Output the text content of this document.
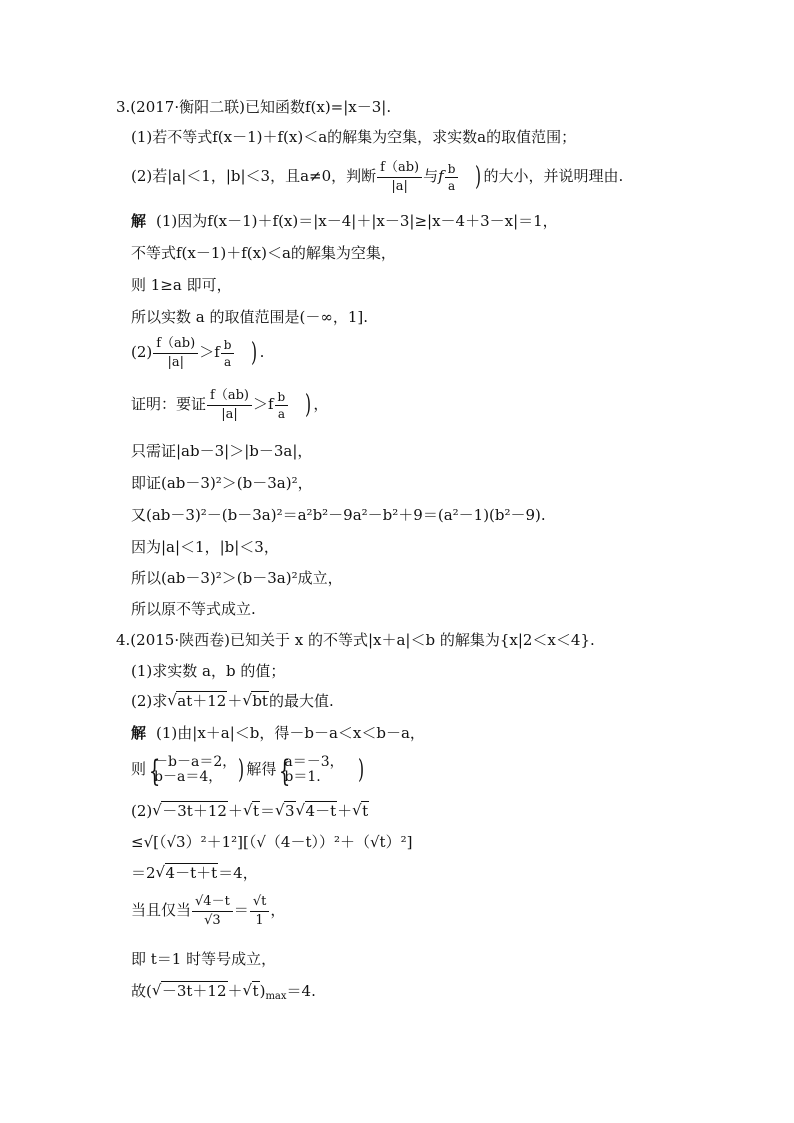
3.(2017·衡阳二联)已知函数f(x)=|x－3|.
(1)若不等式f(x－1)＋f(x)＜a的解集为空集，求实数a的取值范围；
(2)若|a|＜1，|b|＜3，且a≠0，判断 $\frac{f(ab)}{|a|}$ 与f $\frac{b}{a}$ ) 的大小，并说明理由.
解 (1)因为f(x－1)＋f(x)＝|x－4|＋|x－3|≥|x－4＋3－x|＝1，
不等式f(x－1)＋f(x)＜a的解集为空集，
则 1≥a 即可，
所以实数 a 的取值范围是(－∞，1].
$(2) \frac{f(ab)}{|a|} >f \frac{b}{a}$ ) .
证明：要证 $\frac{f(ab)}{|a|} >f \frac{b}{a}$ ) ，
只需证|ab－3|＞|b－3a|，
即证(ab－3)²＞(b－3a)²，
又(ab－3)²－(b－3a)²＝a²b²－9a²－b²＋9＝(a²－1)(b²－9).
因为|a|＜1，|b|＜3，
所以(ab－3)²＞(b－3a)²成立，
所以原不等式成立.
4.(2015·陕西卷)已知关于 x 的不等式|x＋a|＜b 的解集为{x|2＜x＜4}.
(1)求实数 a，b 的值；
(2)求 √ at＋12＋ √ bt的最大值.
解 (1)由|x＋a|＜b，得－b－a＜x＜b－a，
则 { －b－a＝2，
b－a＝4， ) 解得 { a＝－3，
b＝1.	)
(2) √ －3t＋12＋ √ t＝ √ 3 √ 4－t＋ √ t
≤√[（√3）²＋1²][（√（4－t））²＋（√t）²]
＝2 √ 4－t＋t＝4，
当且仅当 $\frac{√4-t}{√3} = \frac{√t}{1}$ ，
即 t＝1 时等号成立，
故( √ －3t＋12＋ √ $t)_{max}=4$.
